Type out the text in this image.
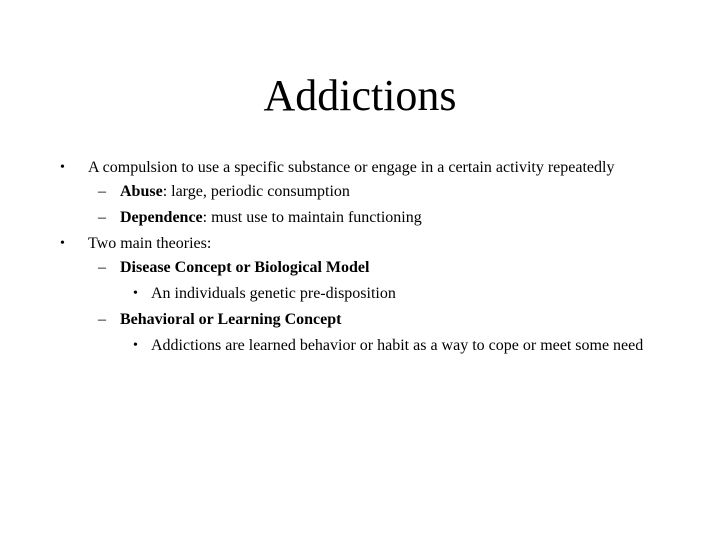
Addictions
•	A compulsion to use a specific substance or engage in a certain activity repeatedly
– Abuse: large, periodic consumption
– Dependence: must use to maintain functioning
•	Two main theories:
– Disease Concept or Biological Model
• An individuals genetic pre-disposition
– Behavioral or Learning Concept
• Addictions are learned behavior or habit as a way to cope or meet some need
